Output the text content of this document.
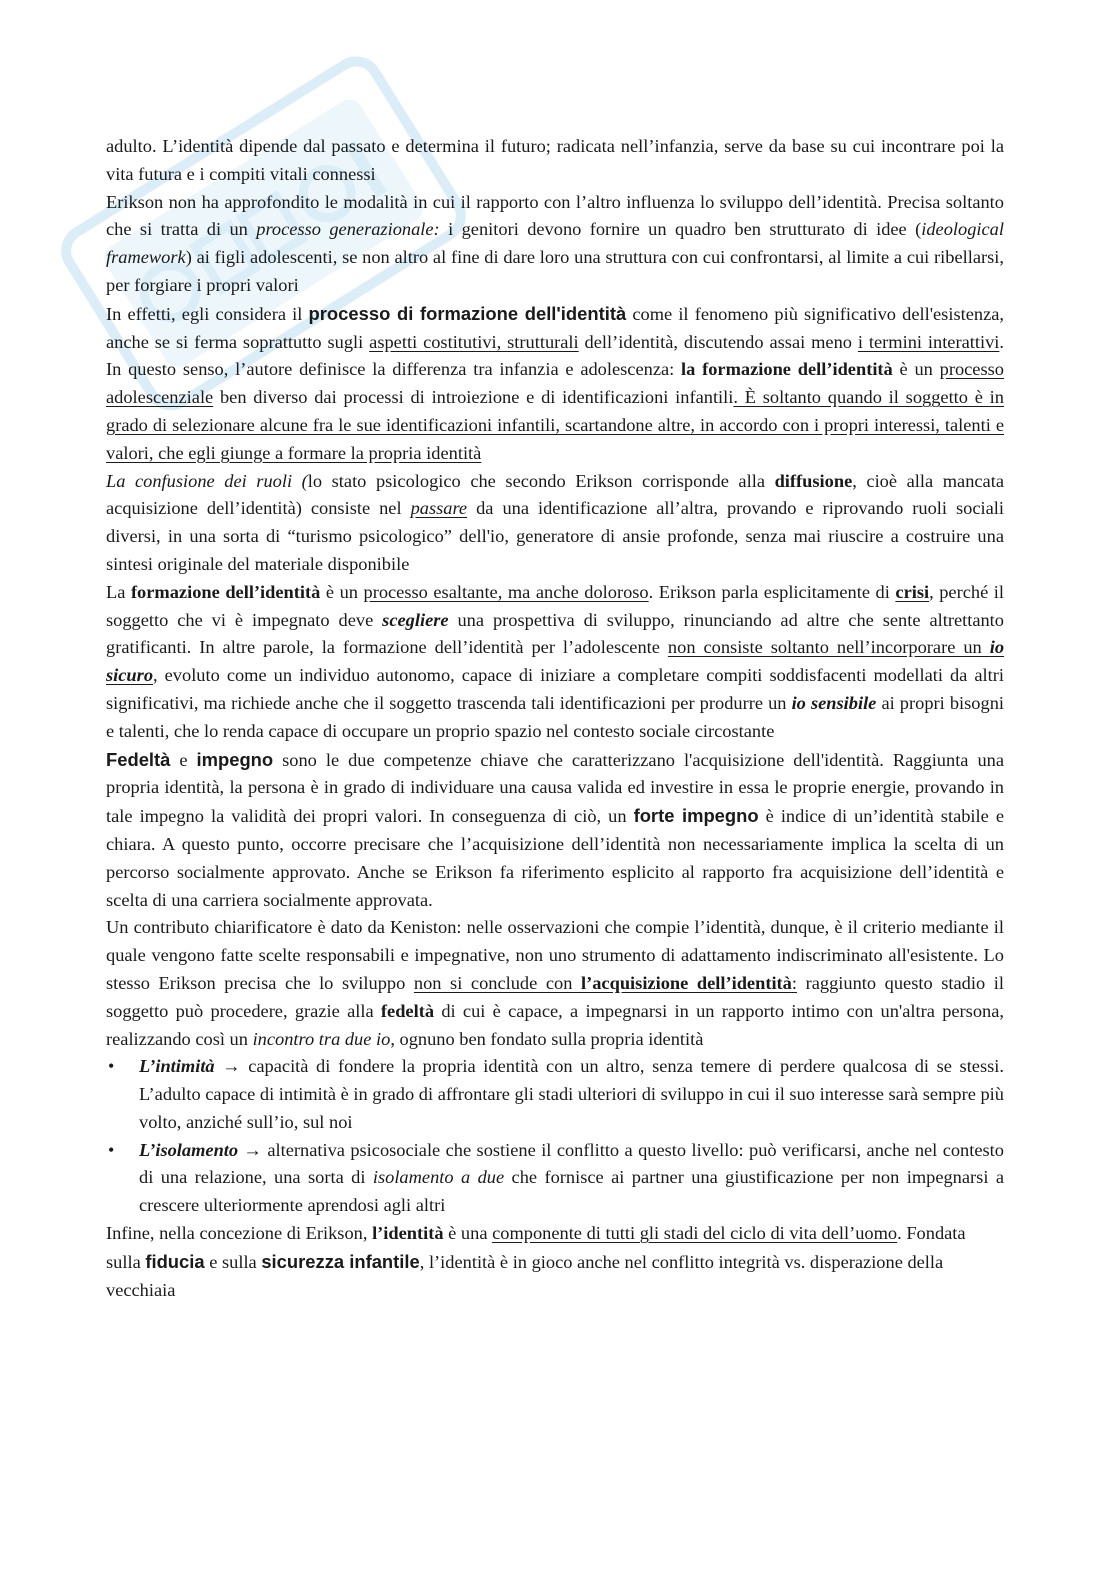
adulto. L’identità dipende dal passato e determina il futuro; radicata nell’infanzia, serve da base su cui incontrare poi la vita futura e i compiti vitali connessi

Erikson non ha approfondito le modalità in cui il rapporto con l’altro influenza lo sviluppo dell’identità. Precisa soltanto che si tratta di un processo generazionale: i genitori devono fornire un quadro ben strutturato di idee (ideological framework) ai figli adolescenti, se non altro al fine di dare loro una struttura con cui confrontarsi, al limite a cui ribellarsi, per forgiare i propri valori

In effetti, egli considera il processo di formazione dell'identità come il fenomeno più significativo dell'esistenza, anche se si ferma soprattutto sugli aspetti costitutivi, strutturali dell’identità, discutendo assai meno i termini interattivi. In questo senso, l’autore definisce la differenza tra infanzia e adolescenza: la formazione dell’identità è un processo adolescenziale ben diverso dai processi di introiezione e di identificazioni infantili. È soltanto quando il soggetto è in grado di selezionare alcune fra le sue identificazioni infantili, scartandone altre, in accordo con i propri interessi, talenti e valori, che egli giunge a formare la propria identità

La confusione dei ruoli (lo stato psicologico che secondo Erikson corrisponde alla diffusione, cioè alla mancata acquisizione dell’identità) consiste nel passare da una identificazione all’altra, provando e riprovando ruoli sociali diversi, in una sorta di “turismo psicologico” dell'io, generatore di ansie profonde, senza mai riuscire a costruire una sintesi originale del materiale disponibile

La formazione dell’identità è un processo esaltante, ma anche doloroso. Erikson parla esplicitamente di crisi, perché il soggetto che vi è impegnato deve scegliere una prospettiva di sviluppo, rinunciando ad altre che sente altrettanto gratificanti. In altre parole, la formazione dell’identità per l’adolescente non consiste soltanto nell’incorporare un io sicuro, evoluto come un individuo autonomo, capace di iniziare a completare compiti soddisfacenti modellati da altri significativi, ma richiede anche che il soggetto trascenda tali identificazioni per produrre un io sensibile ai propri bisogni e talenti, che lo renda capace di occupare un proprio spazio nel contesto sociale circostante

Fedeltà e impegno sono le due competenze chiave che caratterizzano l'acquisizione dell'identità. Raggiunta una propria identità, la persona è in grado di individuare una causa valida ed investire in essa le proprie energie, provando in tale impegno la validità dei propri valori. In conseguenza di ciò, un forte impegno è indice di un’identità stabile e chiara. A questo punto, occorre precisare che l’acquisizione dell’identità non necessariamente implica la scelta di un percorso socialmente approvato. Anche se Erikson fa riferimento esplicito al rapporto fra acquisizione dell’identità e scelta di una carriera socialmente approvata.

Un contributo chiarificatore è dato da Keniston: nelle osservazioni che compie l’identità, dunque, è il criterio mediante il quale vengono fatte scelte responsabili e impegnative, non uno strumento di adattamento indiscriminato all'esistente. Lo stesso Erikson precisa che lo sviluppo non si conclude con l’acquisizione dell’identità: raggiunto questo stadio il soggetto può procedere, grazie alla fedeltà di cui è capace, a impegnarsi in un rapporto intimo con un'altra persona, realizzando così un incontro tra due io, ognuno ben fondato sulla propria identità

• L’intimità → capacità di fondere la propria identità con un altro, senza temere di perdere qualcosa di se stessi. L’adulto capace di intimità è in grado di affrontare gli stadi ulteriori di sviluppo in cui il suo interesse sarà sempre più volto, anziché sull’io, sul noi
• L’isolamento → alternativa psicosociale che sostiene il conflitto a questo livello: può verificarsi, anche nel contesto di una relazione, una sorta di isolamento a due che fornisce ai partner una giustificazione per non impegnarsi a crescere ulteriormente aprendosi agli altri

Infine, nella concezione di Erikson, l’identità è una componente di tutti gli stadi del ciclo di vita dell’uomo. Fondata sulla fiducia e sulla sicurezza infantile, l’identità è in gioco anche nel conflitto integrità vs. disperazione della vecchiaia
